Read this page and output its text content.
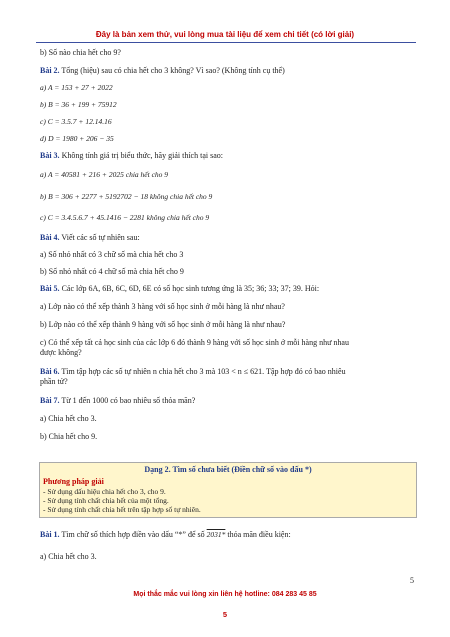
Đây là bản xem thử, vui lòng mua tài liệu để xem chi tiết (có lời giải)
b) Số nào chia hết cho 9?
Bài 2. Tổng (hiệu) sau có chia hết cho 3 không? Vì sao? (Không tính cụ thể)
a) A = 153 + 27 + 2022
b) B = 36 + 199 + 75912
c) C = 3.5.7 + 12.14.16
d) D = 1980 + 206 − 35
Bài 3. Không tính giá trị biểu thức, hãy giải thích tại sao:
a) A = 40581 + 216 + 2025 chia hết cho 9
b) B = 306 + 2277 + 5192702 − 18 không chia hết cho 9
c) C = 3.4.5.6.7 + 45.1416 − 2281 không chia hết cho 9
Bài 4. Viết các số tự nhiên sau:
a) Số nhỏ nhất có 3 chữ số mà chia hết cho 3
b) Số nhỏ nhất có 4 chữ số mà chia hết cho 9
Bài 5. Các lớp 6A, 6B, 6C, 6D, 6E có số học sinh tương ứng là 35; 36; 33; 37; 39. Hỏi:
a) Lớp nào có thể xếp thành 3 hàng với số học sinh ở mỗi hàng là như nhau?
b) Lớp nào có thể xếp thành 9 hàng với số học sinh ở mỗi hàng là như nhau?
c) Có thể xếp tất cả học sinh của các lớp 6 đó thành 9 hàng với số học sinh ở mỗi hàng như nhau
được không?
Bài 6. Tìm tập hợp các số tự nhiên n chia hết cho 3 mà 103 < n ≤ 621. Tập hợp đó có bao nhiêu
phần tử?
Bài 7. Từ 1 đến 1000 có bao nhiêu số thỏa mãn?
a) Chia hết cho 3.
b) Chia hết cho 9.
Dạng 2. Tìm số chưa biết (Điền chữ số vào dấu *)
Phương pháp giải
- Sử dụng dấu hiệu chia hết cho 3, cho 9.
- Sử dụng tính chất chia hết của một tổng.
- Sử dụng tính chất chia hết trên tập hợp số tự nhiên.
Bài 1. Tìm chữ số thích hợp điền vào dấu “*” để số 2031* thỏa mãn điều kiện:
a) Chia hết cho 3.
5
Mọi thắc mắc vui lòng xin liên hệ hotline: 084 283 45 85
5
